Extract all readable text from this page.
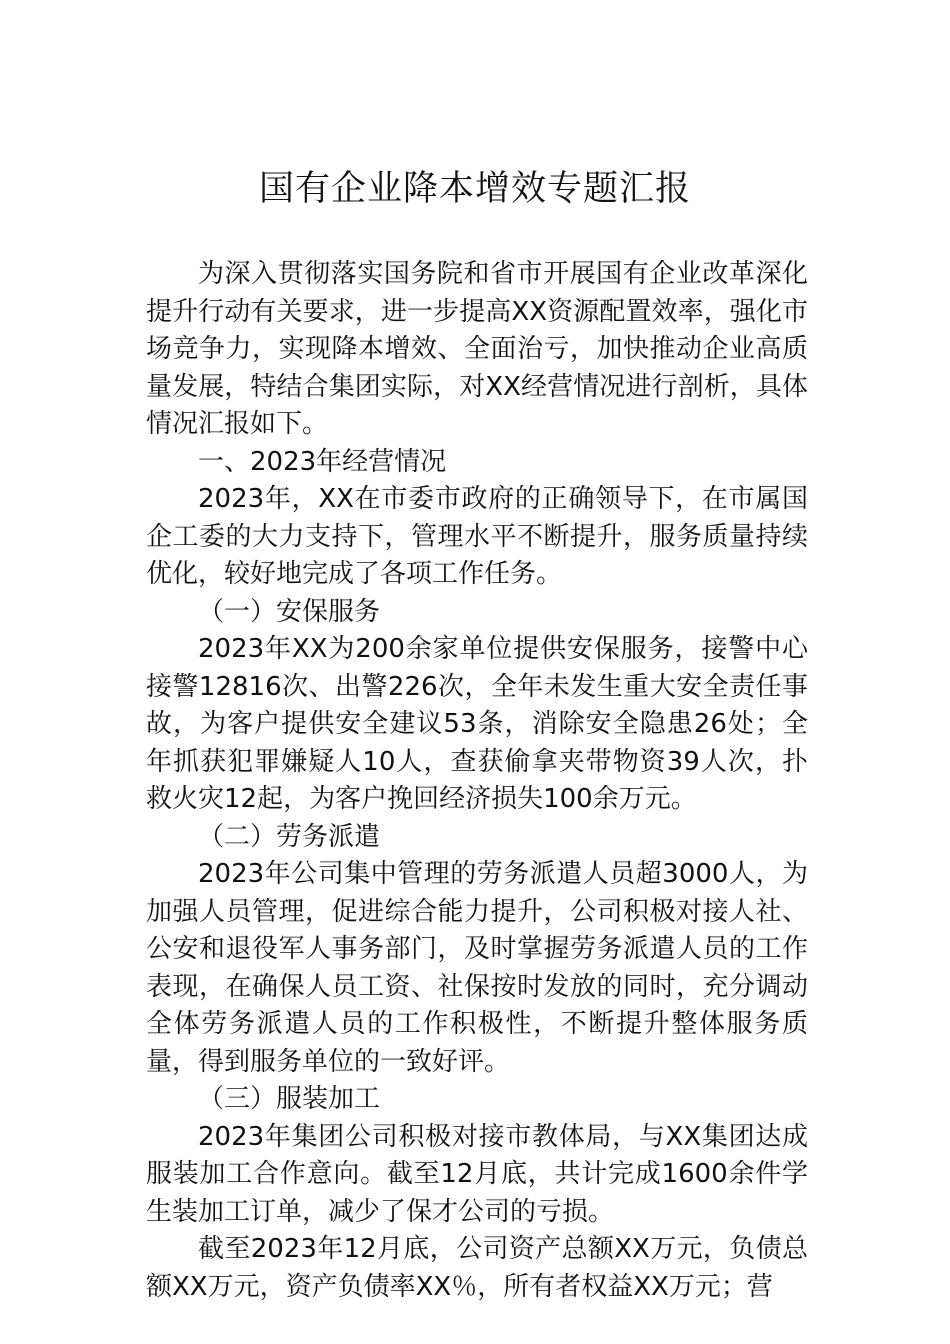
国有企业降本增效专题汇报

为深入贯彻落实国务院和省市开展国有企业改革深化提升行动有关要求，进一步提高XX资源配置效率，强化市场竞争力，实现降本增效、全面治亏，加快推动企业高质量发展，特结合集团实际，对XX经营情况进行剖析，具体情况汇报如下。

一、2023年经营情况

2023年，XX在市委市政府的正确领导下，在市属国企工委的大力支持下，管理水平不断提升，服务质量持续优化，较好地完成了各项工作任务。

（一）安保服务

2023年XX为200余家单位提供安保服务，接警中心接警12816次、出警226次，全年未发生重大安全责任事故，为客户提供安全建议53条，消除安全隐患26处；全年抓获犯罪嫌疑人10人，查获偷拿夹带物资39人次，扑救火灾12起，为客户挽回经济损失100余万元。

（二）劳务派遣

2023年公司集中管理的劳务派遣人员超3000人，为加强人员管理，促进综合能力提升，公司积极对接人社、公安和退役军人事务部门，及时掌握劳务派遣人员的工作表现，在确保人员工资、社保按时发放的同时，充分调动全体劳务派遣人员的工作积极性，不断提升整体服务质量，得到服务单位的一致好评。

（三）服装加工

2023年集团公司积极对接市教体局，与XX集团达成服装加工合作意向。截至12月底，共计完成1600余件学生装加工订单，减少了保才公司的亏损。

截至2023年12月底，公司资产总额XX万元，负债总额XX万元，资产负债率XX％，所有者权益XX万元；营
